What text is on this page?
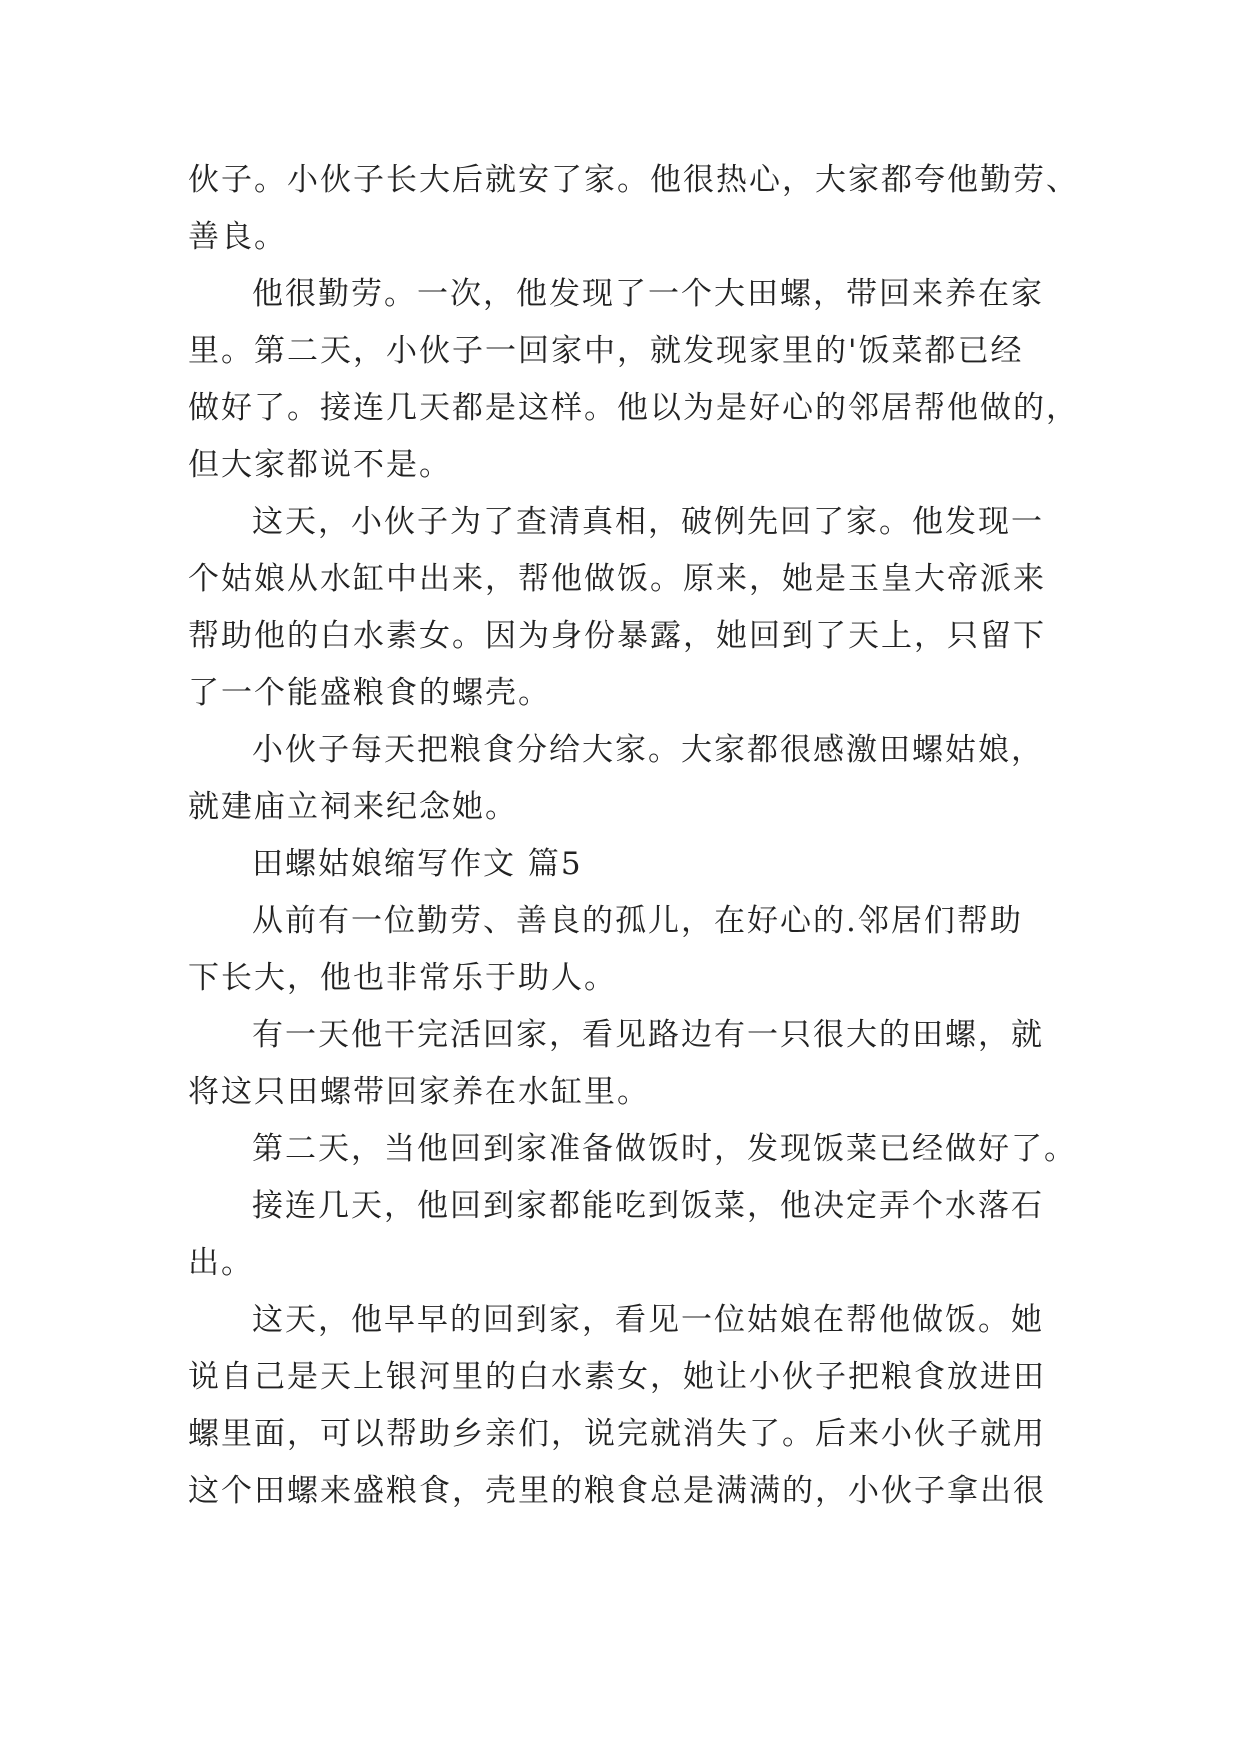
伙子。小伙子长大后就安了家。他很热心，大家都夸他勤劳、
善良。
他很勤劳。一次，他发现了一个大田螺，带回来养在家
里。第二天，小伙子一回家中，就发现家里的'饭菜都已经
做好了。接连几天都是这样。他以为是好心的邻居帮他做的，
但大家都说不是。
这天，小伙子为了查清真相，破例先回了家。他发现一
个姑娘从水缸中出来，帮他做饭。原来，她是玉皇大帝派来
帮助他的白水素女。因为身份暴露，她回到了天上，只留下
了一个能盛粮食的螺壳。
小伙子每天把粮食分给大家。大家都很感激田螺姑娘，
就建庙立祠来纪念她。
田螺姑娘缩写作文 篇5
从前有一位勤劳、善良的孤儿，在好心的.邻居们帮助
下长大，他也非常乐于助人。
有一天他干完活回家，看见路边有一只很大的田螺，就
将这只田螺带回家养在水缸里。
第二天，当他回到家准备做饭时，发现饭菜已经做好了。
接连几天，他回到家都能吃到饭菜，他决定弄个水落石
出。
这天，他早早的回到家，看见一位姑娘在帮他做饭。她
说自己是天上银河里的白水素女，她让小伙子把粮食放进田
螺里面，可以帮助乡亲们，说完就消失了。后来小伙子就用
这个田螺来盛粮食，壳里的粮食总是满满的，小伙子拿出很
